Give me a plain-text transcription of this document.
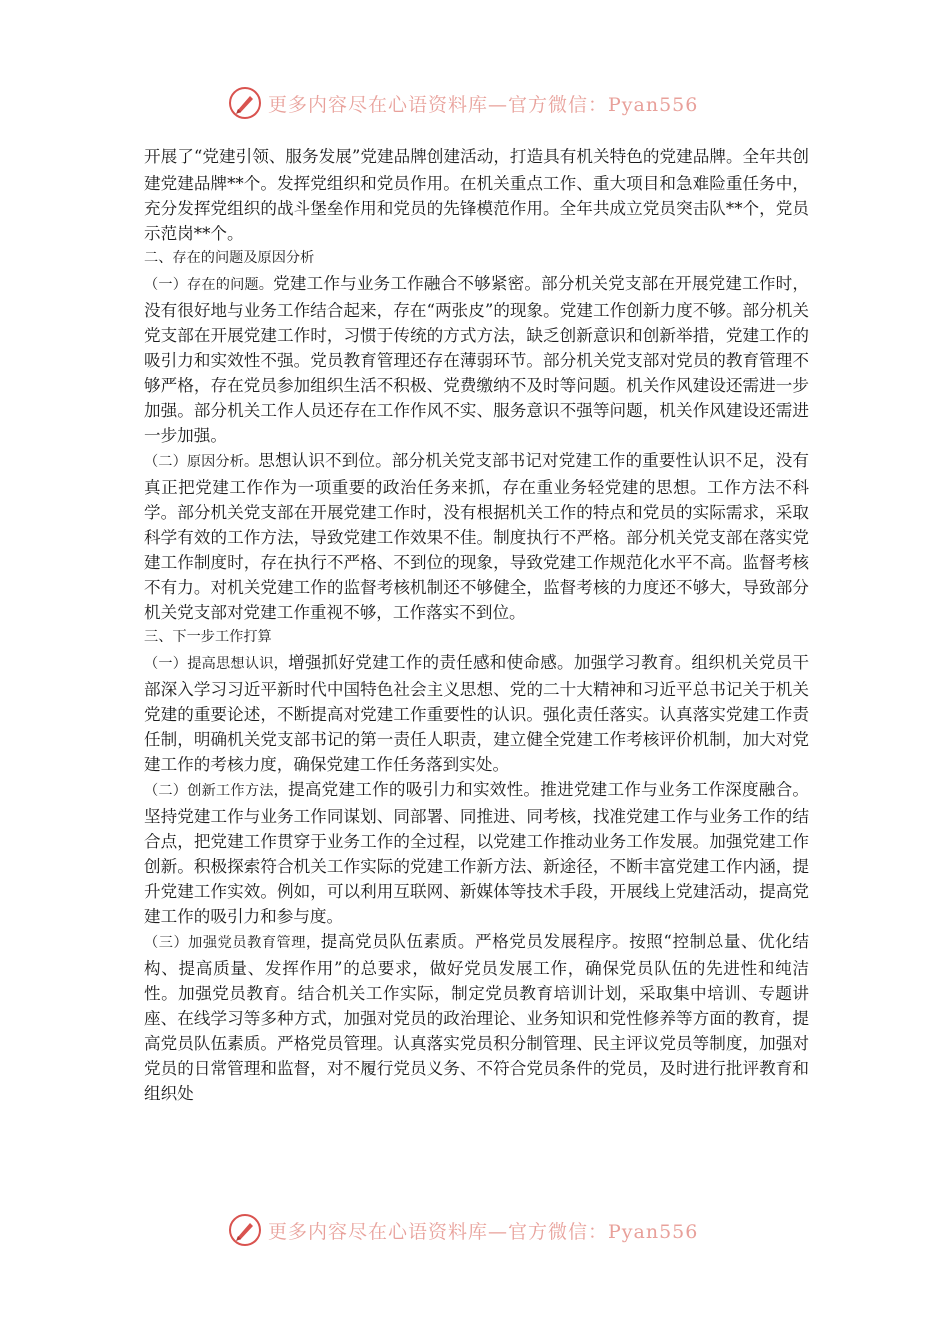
更多内容尽在心语资料库—官方微信：Pyan556

开展了“党建引领、服务发展”党建品牌创建活动，打造具有机关特色的党建品牌。全年共创建党建品牌**个。发挥党组织和党员作用。在机关重点工作、重大项目和急难险重任务中，充分发挥党组织的战斗堡垒作用和党员的先锋模范作用。全年共成立党员突击队**个，党员示范岗**个。

二、存在的问题及原因分析

（一）存在的问题。党建工作与业务工作融合不够紧密。部分机关党支部在开展党建工作时，没有很好地与业务工作结合起来，存在“两张皮”的现象。党建工作创新力度不够。部分机关党支部在开展党建工作时，习惯于传统的方式方法，缺乏创新意识和创新举措，党建工作的吸引力和实效性不强。党员教育管理还存在薄弱环节。部分机关党支部对党员的教育管理不够严格，存在党员参加组织生活不积极、党费缴纳不及时等问题。机关作风建设还需进一步加强。部分机关工作人员还存在工作作风不实、服务意识不强等问题，机关作风建设还需进一步加强。

（二）原因分析。思想认识不到位。部分机关党支部书记对党建工作的重要性认识不足，没有真正把党建工作作为一项重要的政治任务来抓，存在重业务轻党建的思想。工作方法不科学。部分机关党支部在开展党建工作时，没有根据机关工作的特点和党员的实际需求，采取科学有效的工作方法，导致党建工作效果不佳。制度执行不严格。部分机关党支部在落实党建工作制度时，存在执行不严格、不到位的现象，导致党建工作规范化水平不高。监督考核不有力。对机关党建工作的监督考核机制还不够健全，监督考核的力度还不够大，导致部分机关党支部对党建工作重视不够，工作落实不到位。

三、下一步工作打算

（一）提高思想认识，增强抓好党建工作的责任感和使命感。加强学习教育。组织机关党员干部深入学习习近平新时代中国特色社会主义思想、党的二十大精神和习近平总书记关于机关党建的重要论述，不断提高对党建工作重要性的认识。强化责任落实。认真落实党建工作责任制，明确机关党支部书记的第一责任人职责，建立健全党建工作考核评价机制，加大对党建工作的考核力度，确保党建工作任务落到实处。

（二）创新工作方法，提高党建工作的吸引力和实效性。推进党建工作与业务工作深度融合。坚持党建工作与业务工作同谋划、同部署、同推进、同考核，找准党建工作与业务工作的结合点，把党建工作贯穿于业务工作的全过程，以党建工作推动业务工作发展。加强党建工作创新。积极探索符合机关工作实际的党建工作新方法、新途径，不断丰富党建工作内涵，提升党建工作实效。例如，可以利用互联网、新媒体等技术手段，开展线上党建活动，提高党建工作的吸引力和参与度。

（三）加强党员教育管理，提高党员队伍素质。严格党员发展程序。按照“控制总量、优化结构、提高质量、发挥作用”的总要求，做好党员发展工作，确保党员队伍的先进性和纯洁性。加强党员教育。结合机关工作实际，制定党员教育培训计划，采取集中培训、专题讲座、在线学习等多种方式，加强对党员的政治理论、业务知识和党性修养等方面的教育，提高党员队伍素质。严格党员管理。认真落实党员积分制管理、民主评议党员等制度，加强对党员的日常管理和监督，对不履行党员义务、不符合党员条件的党员，及时进行批评教育和组织处

更多内容尽在心语资料库—官方微信：Pyan556
